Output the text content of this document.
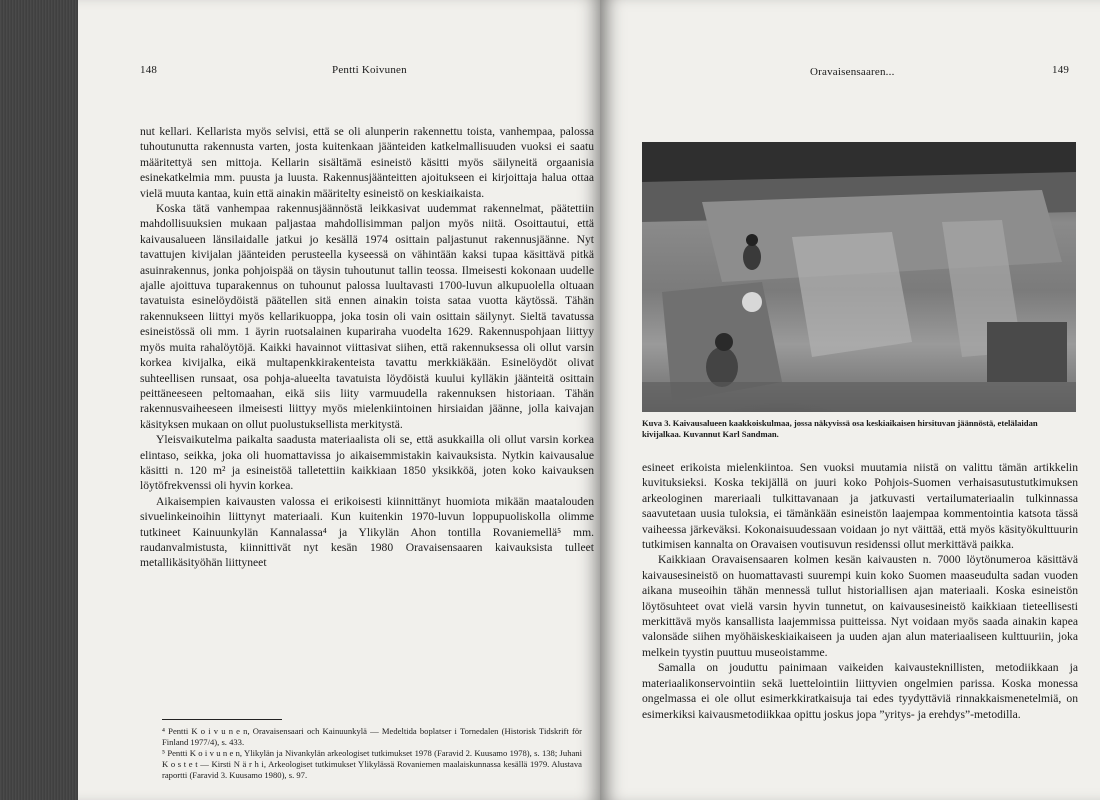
148	Pentti Koivunen

nut kellari. Kellarista myös selvisi, että se oli alunperin rakennettu toista, vanhempaa, palossa tuhoutunutta rakennusta varten, josta kuitenkaan jäänteiden katkelmallisuuden vuoksi ei saatu määritettyä sen mittoja. Kellarin sisältämä esineistö käsitti myös säilyneitä orgaanisia esinekatkelmia mm. puusta ja luusta. Rakennusjäänteitten ajoitukseen ei kirjoittaja halua ottaa vielä muuta kantaa, kuin että ainakin määritelty esineistö on keskiaikaista.

Koska tätä vanhempaa rakennusjäännöstä leikkasivat uudemmat rakennelmat, päätettiin mahdollisuuksien mukaan paljastaa mahdollisimman paljon myös niitä. Osoittautui, että kaivausalueen länsilaidalle jatkui jo kesällä 1974 osittain paljastunut rakennusjäänne. Nyt tavattujen kivijalan jäänteiden perusteella kyseessä on vähintään kaksi tupaa käsittävä pitkä asuinrakennus, jonka pohjoispää on täysin tuhoutunut tallin teossa. Ilmeisesti kokonaan uudelle ajalle ajoittuva tuparakennus on tuhounut palossa luultavasti 1700-luvun alkupuolella oltuaan tavatuista esinelöydöistä päätellen sitä ennen ainakin toista sataa vuotta käytössä. Tähän rakennukseen liittyi myös kellarikuoppa, joka tosin oli vain osittain säilynyt. Sieltä tavatussa esineistössä oli mm. 1 äyrin ruotsalainen kupariraha vuodelta 1629. Rakennuspohjaan liittyy myös muita rahalöytöjä. Kaikki havainnot viittasivat siihen, että rakennuksessa oli ollut varsin korkea kivijalka, eikä multapenkkirakenteista tavattu merkkiäkään. Esinelöydöt olivat suhteellisen runsaat, osa pohja-alueelta tavatuista löydöistä kuului kylläkin jäänteitä osittain peittäneeseen peltomaahan, eikä siis liity varmuudella rakennuksen historiaan. Tähän rakennusvaiheeseen ilmeisesti liittyy myös mielenkiintoinen hirsiaidan jäänne, jolla kaivajan käsityksen mukaan on ollut puolustuksellista merkitystä.

Yleisvaikutelma paikalta saadusta materiaalista oli se, että asukkailla oli ollut varsin korkea elintaso, seikka, joka oli huomattavissa jo aikaisemmistakin kaivauksista. Nytkin kaivausalue käsitti n. 120 m² ja esineistöä talletettiin kaikkiaan 1850 yksikköä, joten koko kaivauksen löytöfrekvenssi oli hyvin korkea.

Aikaisempien kaivausten valossa ei erikoisesti kiinnittänyt huomiota mikään maatalouden sivuelinkeinoihin liittynyt materiaali. Kun kuitenkin 1970-luvun loppupuoliskolla olimme tutkineet Kainuunkylän Kannalassa⁴ ja Ylikylän Ahon tontilla Rovaniemellä⁵ mm. raudanvalmistusta, kiinnittivät nyt kesän 1980 Oravaisensaaren kaivauksista tulleet metallikäsityöhän liittyneet

⁴ Pentti K o i v u n e n, Oravaisensaari och Kainuunkylä — Medeltida boplatser i Tornedalen (Historisk Tidskrift för Finland 1977/4), s. 433.

⁵ Pentti K o i v u n e n, Ylikylän ja Nivankylän arkeologiset tutkimukset 1978 (Faravid 2. Kuusamo 1978), s. 138; Juhani K o s t e t — Kirsti N ä r h i, Arkeologiset tutkimukset Ylikylässä Rovaniemen maalaiskunnassa kesällä 1979. Alustava raportti (Faravid 3. Kuusamo 1980), s. 97.

Oravaisensaaren...	149
Kuva 3. Kaivausalueen kaakkoiskulmaa, jossa näkyvissä osa keskiaikaisen hirsituvan jäännöstä, etelälaidan kivijalkaa. Kuvannut Karl Sandman.

esineet erikoista mielenkiintoa. Sen vuoksi muutamia niistä on valittu tämän artikkelin kuvituksieksi. Koska tekijällä on juuri koko Pohjois-Suomen verhaisasutustutkimuksen arkeologinen mareriaali tulkittavanaan ja jatkuvasti vertailumateriaalin tulkinnassa saavutetaan uusia tuloksia, ei tämänkään esineistön laajempaa kommentointia katsota tässä vaiheessa järkeväksi. Kokonaisuudessaan voidaan jo nyt väittää, että myös käsityökulttuurin tutkimisen kannalta on Oravaisen voutisuvun residenssi ollut merkittävä paikka.

Kaikkiaan Oravaisensaaren kolmen kesän kaivausten n. 7000 löytönumeroa käsittävä kaivausesineistö on huomattavasti suurempi kuin koko Suomen maaseudulta sadan vuoden aikana museoihin tähän mennessä tullut historiallisen ajan materiaali. Koska esineistön löytösuhteet ovat vielä varsin hyvin tunnetut, on kaivausesineistö kaikkiaan tieteellisesti merkittävä myös kansallista laajemmissa puitteissa. Nyt voidaan myös saada ainakin kapea valonsäde siihen myöhäiskeskiaikaiseen ja uuden ajan alun materiaaliseen kulttuuriin, joka melkein tyystin puuttuu museoistamme.

Samalla on jouduttu painimaan vaikeiden kaivausteknillisten, metodiikkaan ja materiaalikonservointiin sekä luettelointiin liittyvien ongelmien parissa. Koska monessa ongelmassa ei ole ollut esimerkkiratkaisuja tai edes tyydyttäviä rinnakkaismenetelmiä, on esimerkiksi kaivausmetodiikkaa opittu joskus jopa ”yritys- ja erehdys”-metodilla.
